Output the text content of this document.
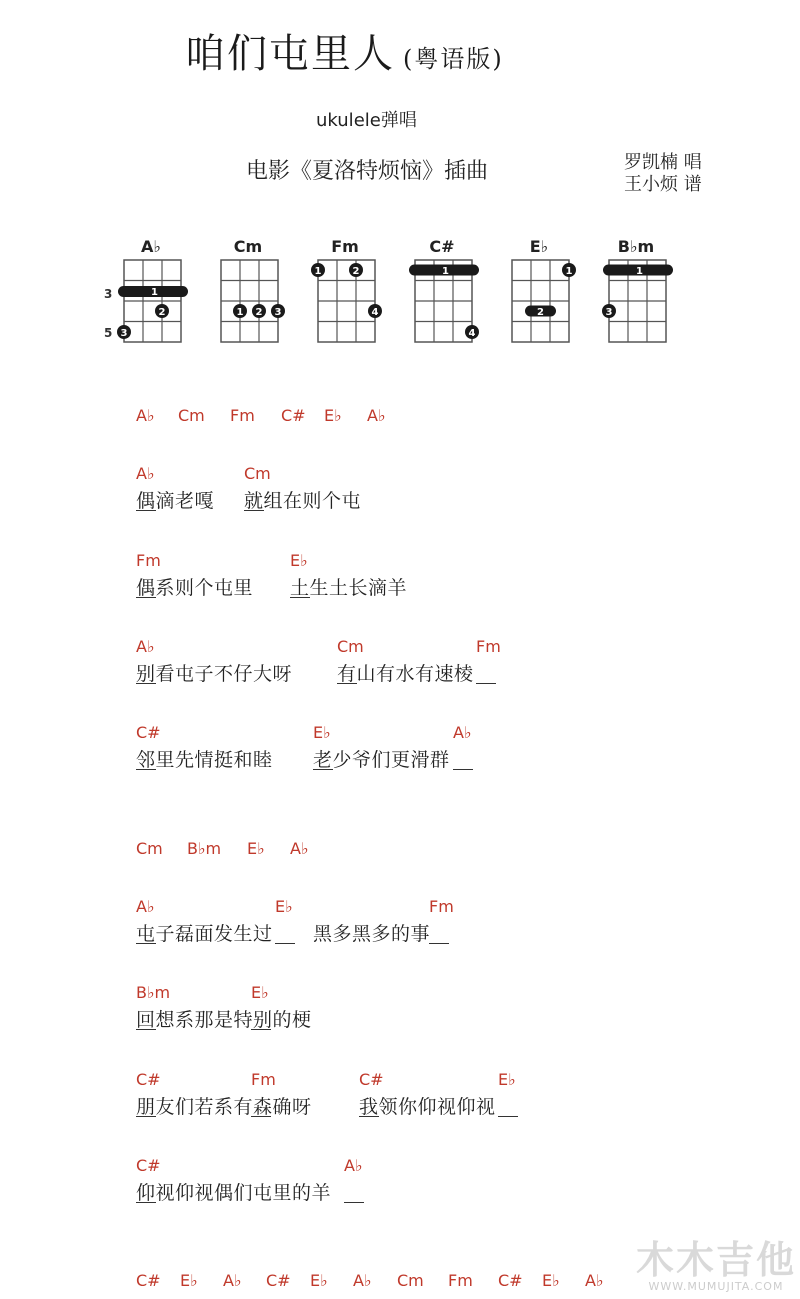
咱们屯里人 (粤语版)
ukulele弹唱
电影《夏洛特烦恼》插曲	罗凯楠 唱
王小烦 谱
A♭	Cm	Fm	C#	E♭	B♭m
3
5
1
2
3
1 2 3
1	2
4
1
4
1
2
1
3
A♭ Cm Fm C# E♭ A♭
A♭	Cm
偶滴老嘎 就组在则个屯
Fm	E♭
偶系则个屯里 土生土长滴羊
A♭	Cm	Fm
别看屯子不仔大呀 有山有水有速棱
C#	E♭	A♭
邻里先情挺和睦 老少爷们更滑群
Cm B♭m E♭ A♭
A♭	E♭	Fm
屯子磊面发生过 黑多黑多的事
B♭m	E♭
回想系那是特别的梗
C#	Fm	C#	E♭
朋友们若系有森确呀 我领你仰视仰视
C#	A♭
仰视仰视偶们屯里的羊
C# E♭ A♭ C# E♭ A♭ Cm Fm C# E♭ A♭ 木木吉他
WWW.MUMUJITA.COM
